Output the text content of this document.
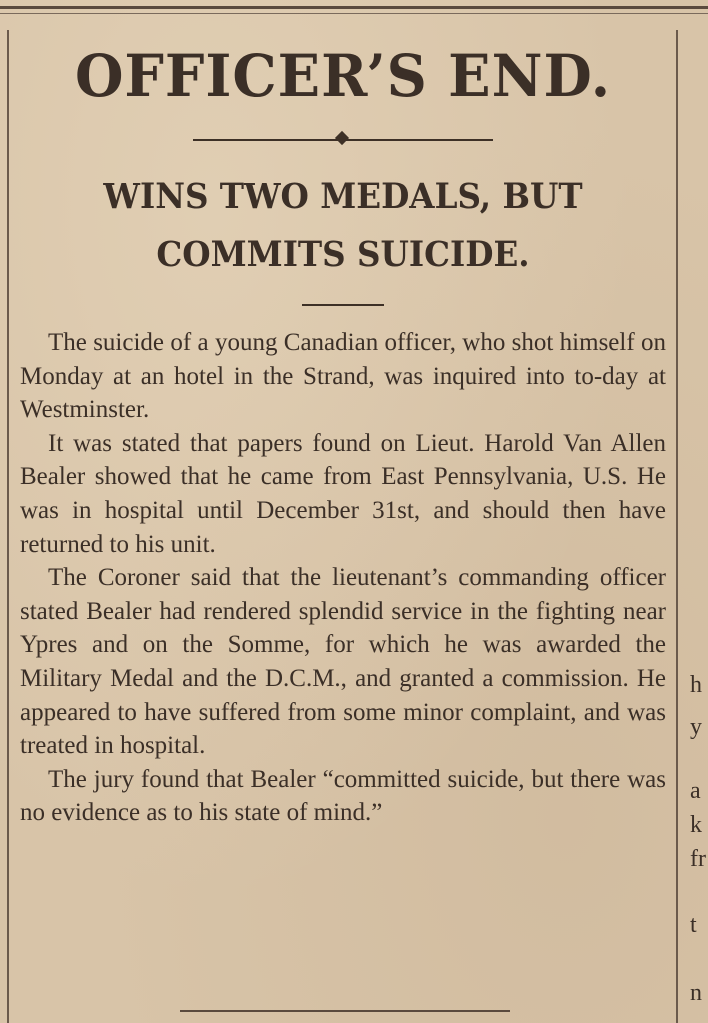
OFFICER’S END.
WINS TWO MEDALS, BUT COMMITS SUICIDE.

The suicide of a young Canadian officer, who shot himself on Monday at an hotel in the Strand, was inquired into to-day at Westminster.

It was stated that papers found on Lieut. Harold Van Allen Bealer showed that he came from East Pennsylvania, U.S. He was in hospital until December 31st, and should then have returned to his unit.

The Coroner said that the lieutenant’s commanding officer stated Bealer had rendered splendid service in the fighting near Ypres and on the Somme, for which he was awarded the Military Medal and the D.C.M., and granted a commission. He appeared to have suffered from some minor complaint, and was treated in hospital.

The jury found that Bealer “committed suicide, but there was no evidence as to his state of mind.”

h
y
a
k
fr
t
n
